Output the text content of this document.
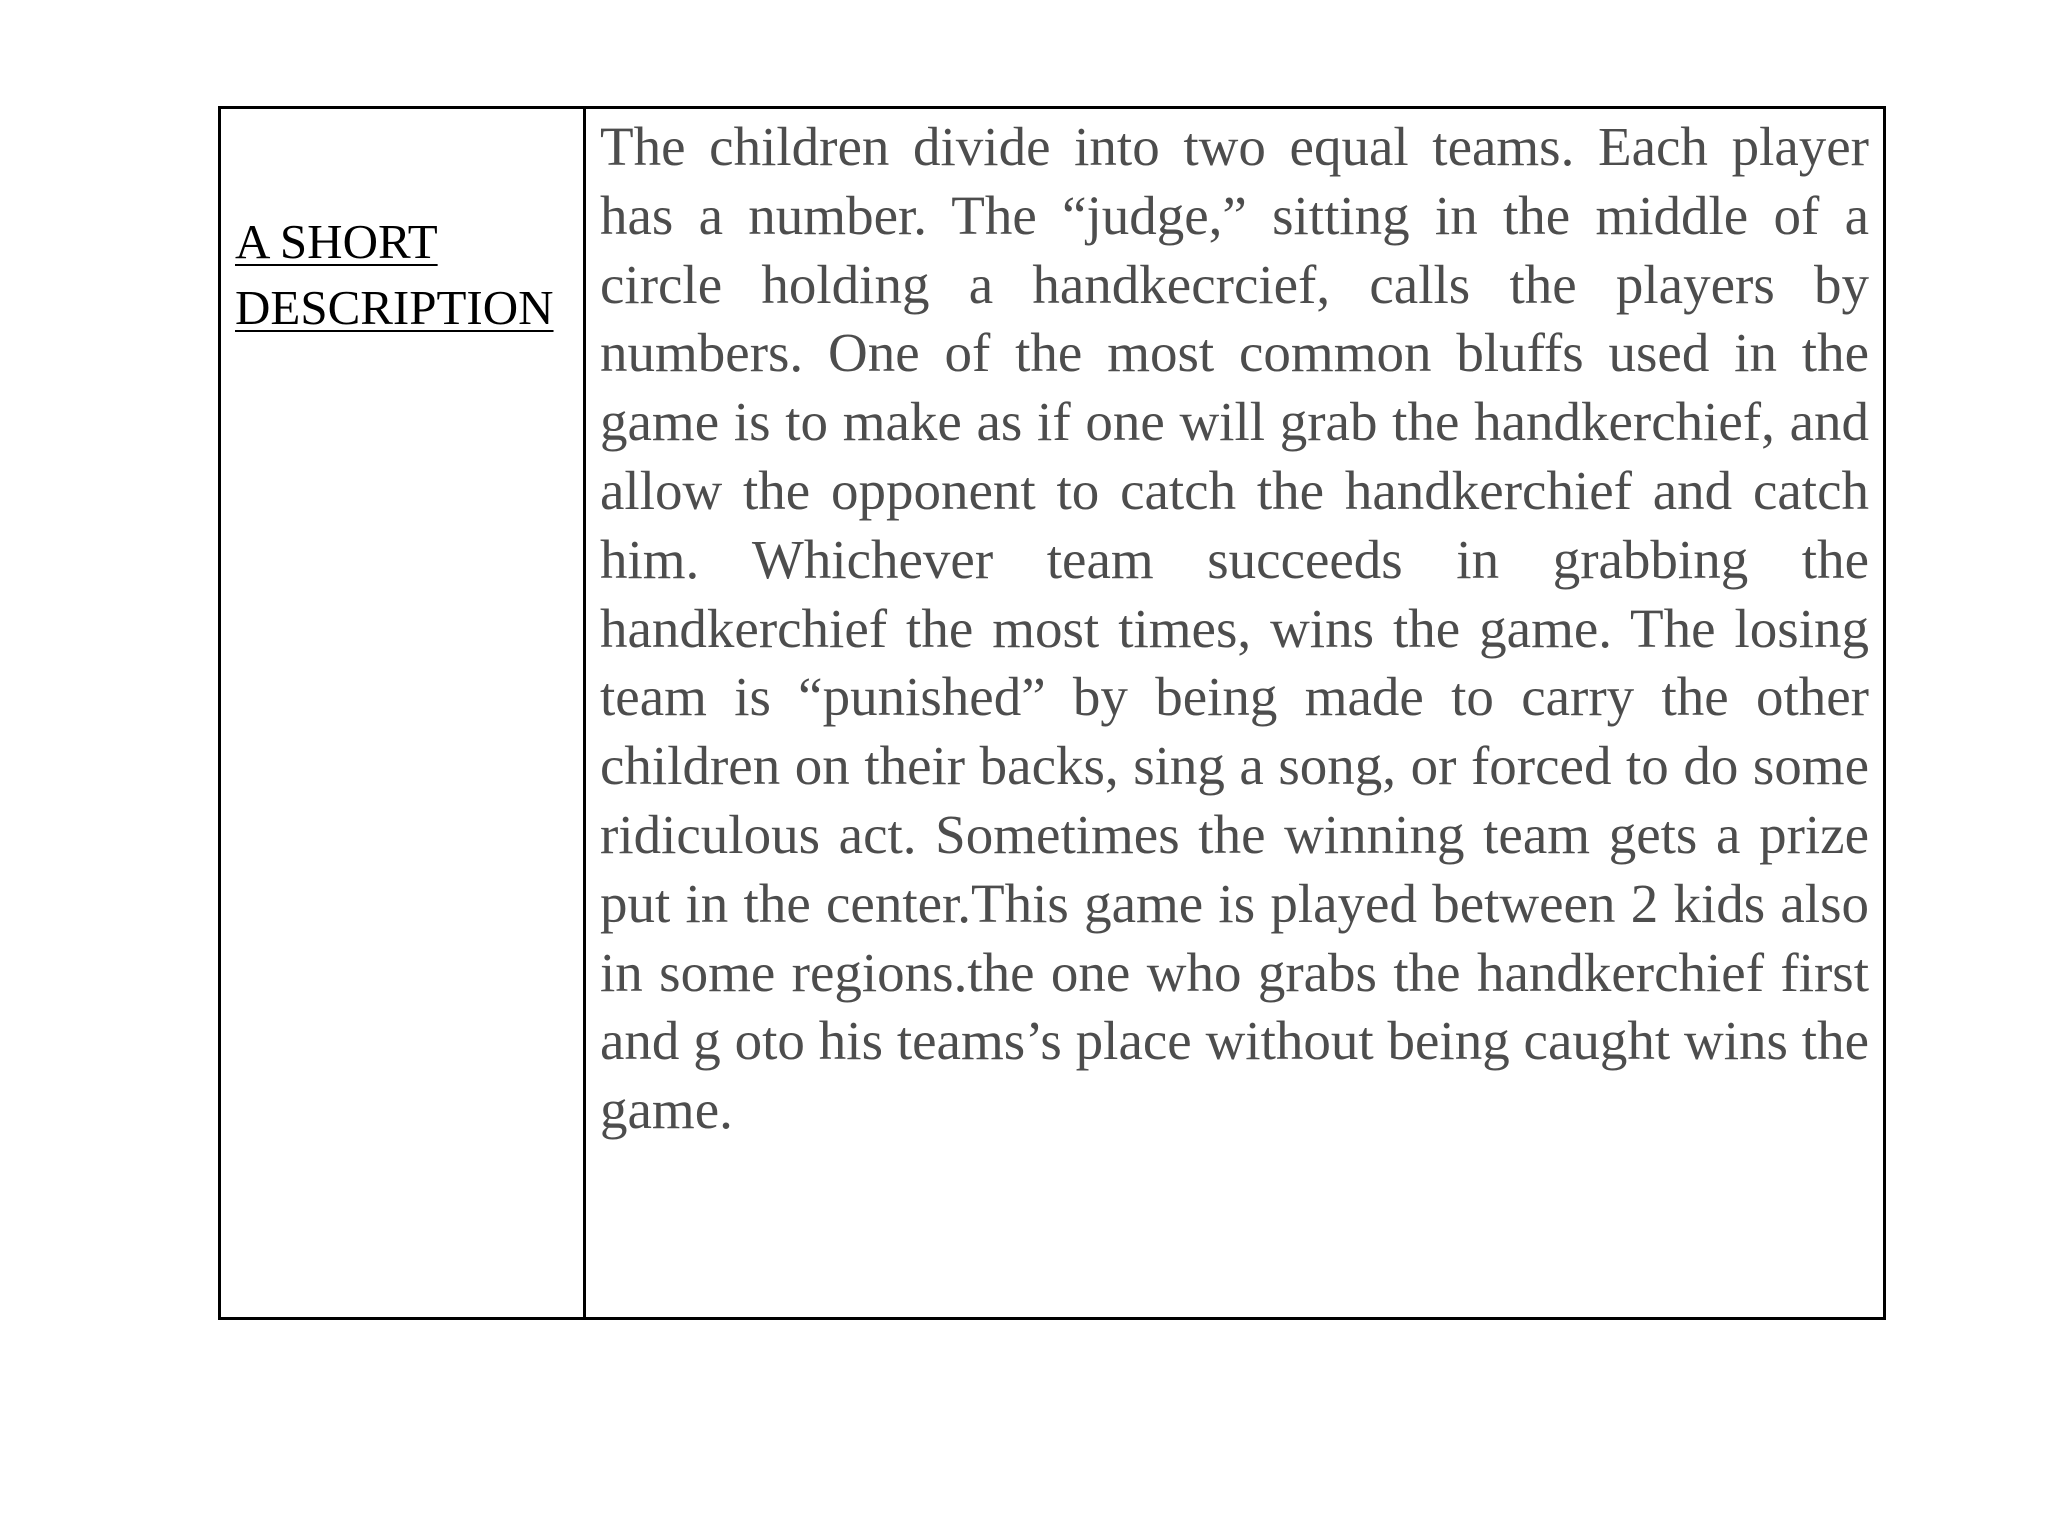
A SHORT
DESCRIPTION

The children divide into two equal teams. Each player has a number. The “judge,” sitting in the middle of a circle holding a handkecrcief, calls the players by numbers. One of the most common bluffs used in the game is to make as if one will grab the handkerchief, and allow the opponent to catch the handkerchief and catch him. Whichever team succeeds in grabbing the handkerchief the most times, wins the game. The losing team is “punished” by being made to carry the other children on their backs, sing a song, or forced to do some ridiculous act. Sometimes the winning team gets a prize put in the center.This game is played between 2 kids also in some regions.the one who grabs the handkerchief first and g oto his teams’s place without being caught wins the game.
